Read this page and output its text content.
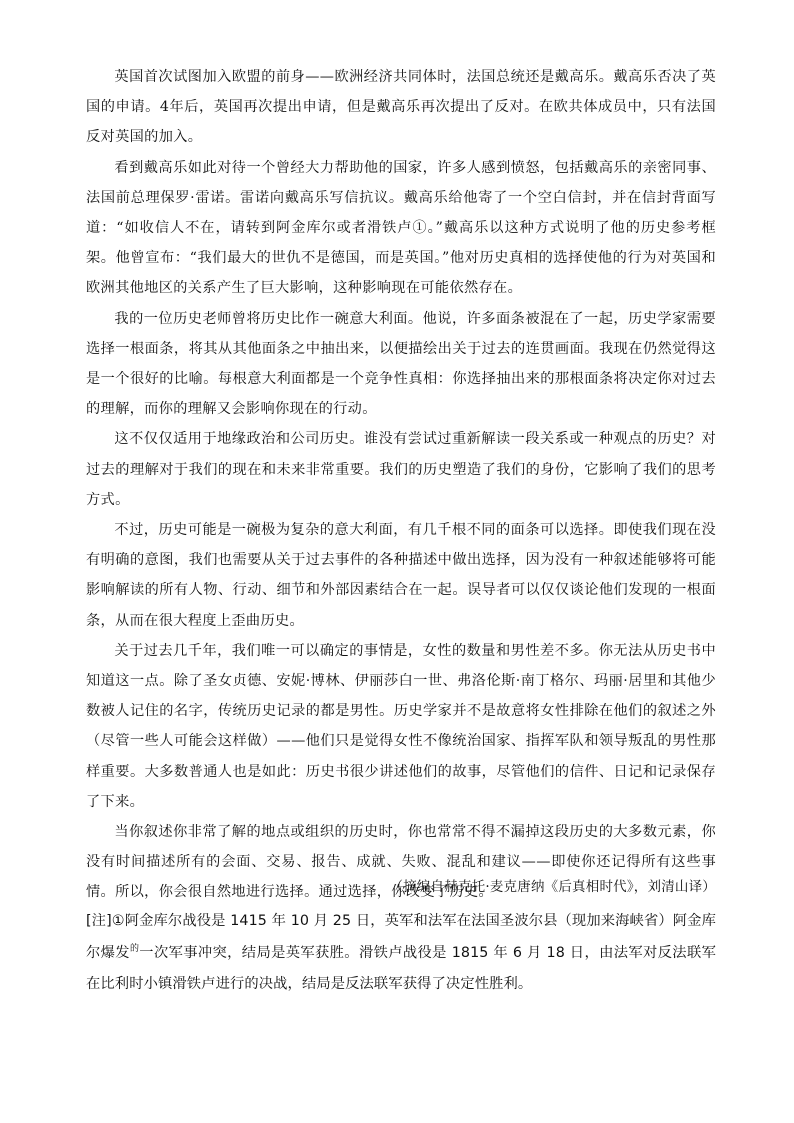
英国首次试图加入欧盟的前身——欧洲经济共同体时，法国总统还是戴高乐。戴高乐否决了英国的申请。4年后，英国再次提出申请，但是戴高乐再次提出了反对。在欧共体成员中，只有法国反对英国的加入。

看到戴高乐如此对待一个曾经大力帮助他的国家，许多人感到愤怒，包括戴高乐的亲密同事、法国前总理保罗·雷诺。雷诺向戴高乐写信抗议。戴高乐给他寄了一个空白信封，并在信封背面写道：“如收信人不在，请转到阿金库尔或者滑铁卢①。”戴高乐以这种方式说明了他的历史参考框架。他曾宣布：“我们最大的世仇不是德国，而是英国。”他对历史真相的选择使他的行为对英国和欧洲其他地区的关系产生了巨大影响，这种影响现在可能依然存在。

我的一位历史老师曾将历史比作一碗意大利面。他说，许多面条被混在了一起，历史学家需要选择一根面条，将其从其他面条之中抽出来，以便描绘出关于过去的连贯画面。我现在仍然觉得这是一个很好的比喻。每根意大利面都是一个竞争性真相：你选择抽出来的那根面条将决定你对过去的理解，而你的理解又会影响你现在的行动。

这不仅仅适用于地缘政治和公司历史。谁没有尝试过重新解读一段关系或一种观点的历史？对过去的理解对于我们的现在和未来非常重要。我们的历史塑造了我们的身份，它影响了我们的思考方式。

不过，历史可能是一碗极为复杂的意大利面，有几千根不同的面条可以选择。即使我们现在没有明确的意图，我们也需要从关于过去事件的各种描述中做出选择，因为没有一种叙述能够将可能影响解读的所有人物、行动、细节和外部因素结合在一起。误导者可以仅仅谈论他们发现的一根面条，从而在很大程度上歪曲历史。

关于过去几千年，我们唯一可以确定的事情是，女性的数量和男性差不多。你无法从历史书中知道这一点。除了圣女贞德、安妮·博林、伊丽莎白一世、弗洛伦斯·南丁格尔、玛丽·居里和其他少数被人记住的名字，传统历史记录的都是男性。历史学家并不是故意将女性排除在他们的叙述之外（尽管一些人可能会这样做）——他们只是觉得女性不像统治国家、指挥军队和领导叛乱的男性那样重要。大多数普通人也是如此：历史书很少讲述他们的故事，尽管他们的信件、日记和记录保存了下来。

当你叙述你非常了解的地点或组织的历史时，你也常常不得不漏掉这段历史的大多数元素，你没有时间描述所有的会面、交易、报告、成就、失败、混乱和建议——即使你还记得所有这些事情。所以，你会很自然地进行选择。通过选择，你改变了历史。

（摘编自赫克托·麦克唐纳《后真相时代》，刘清山译）
[注]①阿金库尔战役是 1415 年 10 月 25 日，英军和法军在法国圣波尔县（现加来海峡省）阿金库尔爆发$^的$一次军事冲突，结局是英军获胜。滑铁卢战役是 1815 年 6 月 18 日，由法军对反法联军在比利时小镇滑铁卢进行的决战，结局是反法联军获得了决定性胜利。
